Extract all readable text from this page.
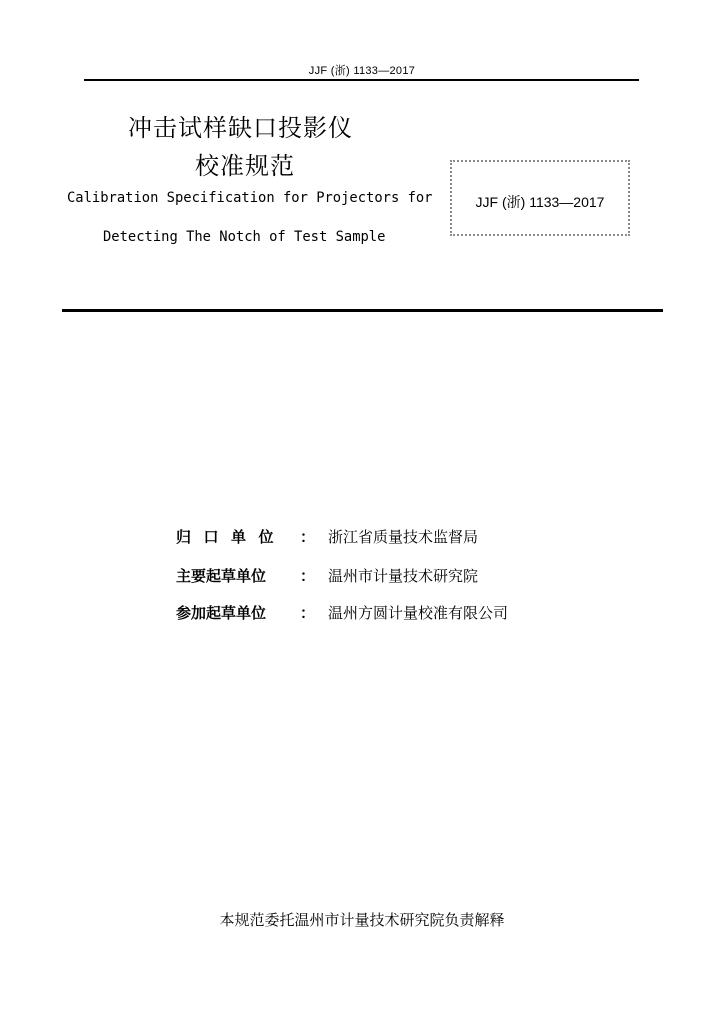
JJF (浙) 1133—2017
冲击试样缺口投影仪
校准规范
Calibration Specification for Projectors for
Detecting The Notch of Test Sample
JJF (浙) 1133—2017
归口单位 ： 浙江省质量技术监督局
主要起草单位	： 温州市计量技术研究院
参加起草单位	： 温州方圆计量校准有限公司
本规范委托温州市计量技术研究院负责解释
